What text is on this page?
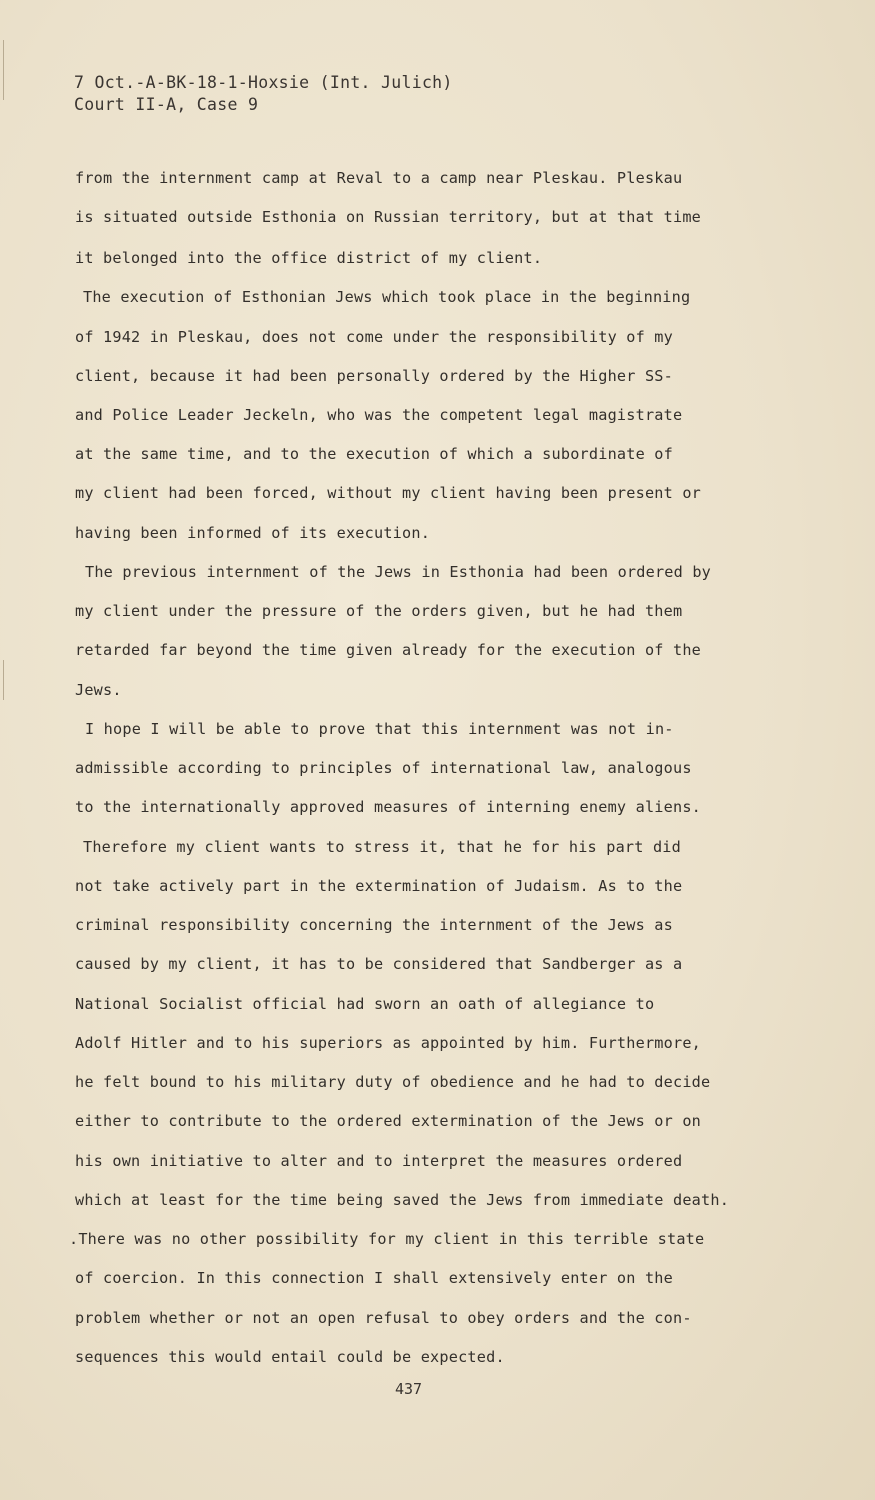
7 Oct.-A-BK-18-1-Hoxsie (Int. Julich)
Court II-A, Case 9
from the internment camp at Reval to a camp near Pleskau. Pleskau
is situated outside Esthonia on Russian territory, but at that time
it belonged into the office district of my client.
The execution of Esthonian Jews which took place in the beginning
of 1942 in Pleskau, does not come under the responsibility of my
client, because it had been personally ordered by the Higher SS-
and Police Leader Jeckeln, who was the competent legal magistrate
at the same time, and to the execution of which a subordinate of
my client had been forced, without my client having been present or
having been informed of its execution.
The previous internment of the Jews in Esthonia had been ordered by
my client under the pressure of the orders given, but he had them
retarded far beyond the time given already for the execution of the
Jews.
I hope I will be able to prove that this internment was not in-
admissible according to principles of international law, analogous
to the internationally approved measures of interning enemy aliens.
Therefore my client wants to stress it, that he for his part did
not take actively part in the extermination of Judaism. As to the
criminal responsibility concerning the internment of the Jews as
caused by my client, it has to be considered that Sandberger as a
National Socialist official had sworn an oath of allegiance to
Adolf Hitler and to his superiors as appointed by him. Furthermore,
he felt bound to his military duty of obedience and he had to decide
either to contribute to the ordered extermination of the Jews or on
his own initiative to alter and to interpret the measures ordered
which at least for the time being saved the Jews from immediate death.
.There was no other possibility for my client in this terrible state
of coercion. In this connection I shall extensively enter on the
problem whether or not an open refusal to obey orders and the con-
sequences this would entail could be expected.
437
